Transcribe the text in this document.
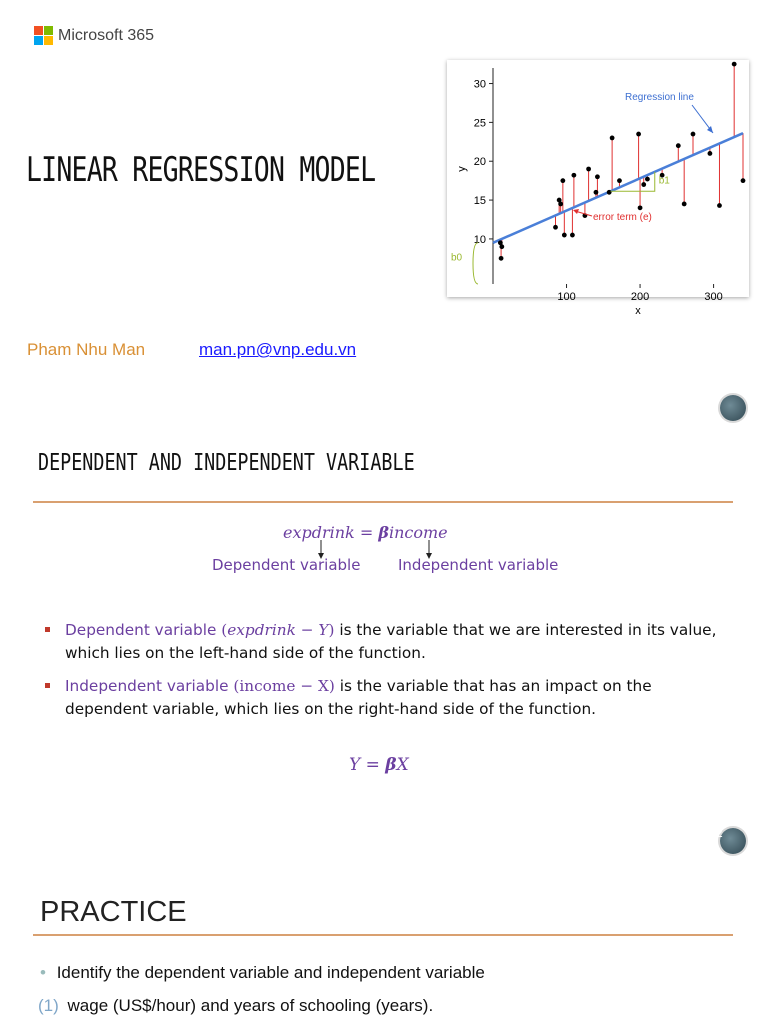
Microsoft 365
LINEAR REGRESSION MODEL
10
15
20
25
30
100	200	300
x
y
Regression line
error term (e)
b0
b1
Pham Nhu Man	man.pn@vnp.edu.vn
DEPENDENT AND INDEPENDENT VARIABLE
expdrink = βincome
Dependent variable	Independent variable
Dependent variable (expdrink − Y) is the variable that we are interested in its value, which lies on the left-hand side of the function.
Independent variable (income − X) is the variable that has an impact on the dependent variable, which lies on the right-hand side of the function.
Y = βX
2
PRACTICE
• Identify the dependent variable and independent variable
(1) wage (US$/hour) and years of schooling (years).
